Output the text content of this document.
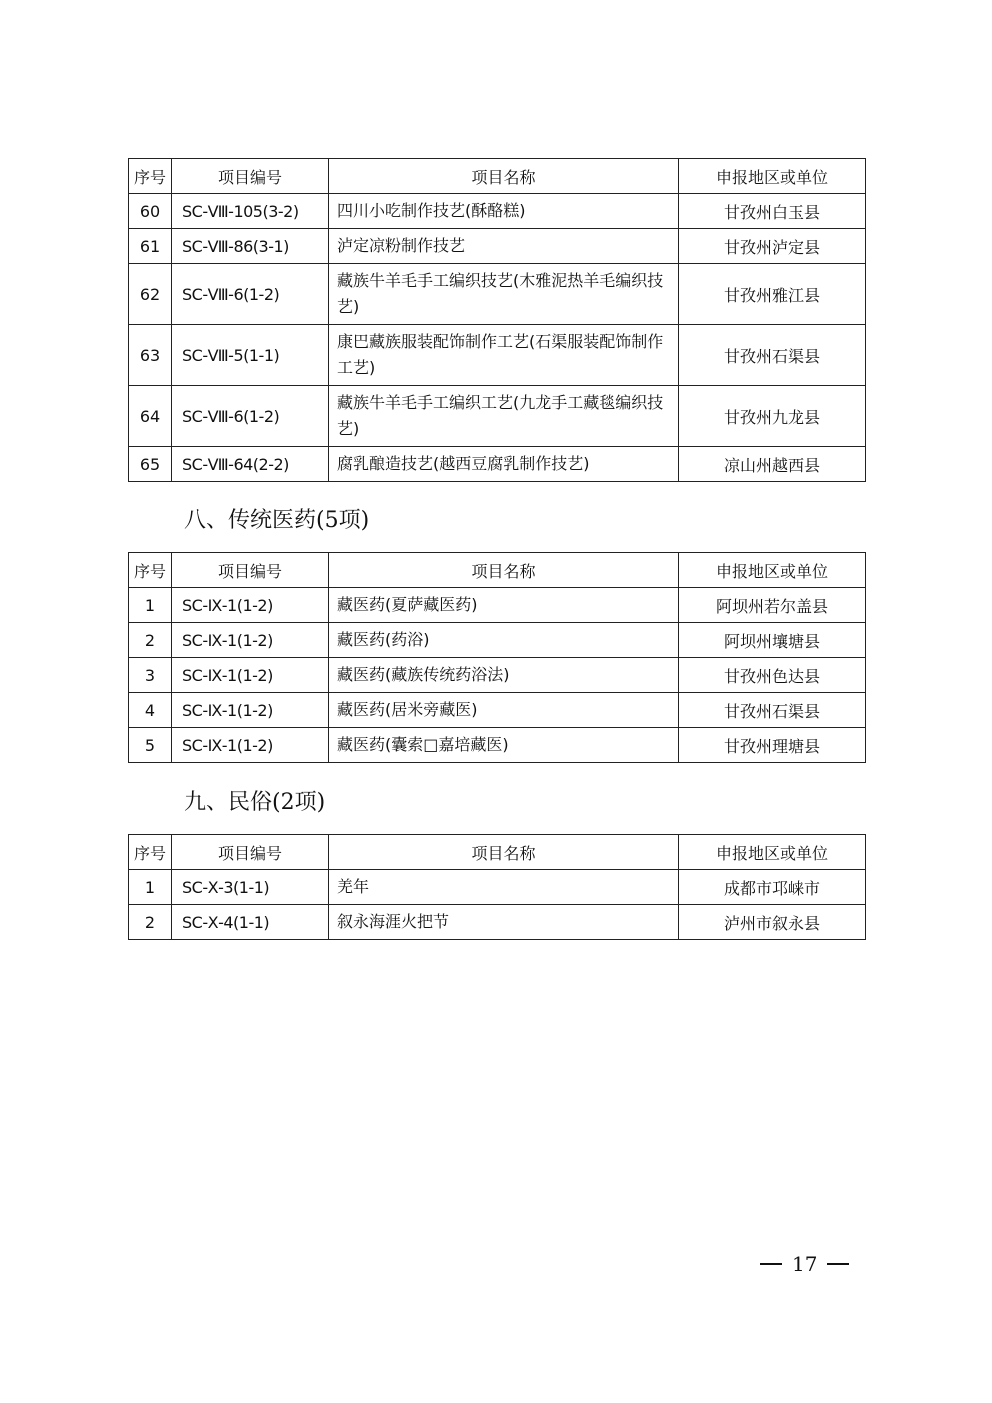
序号	项目编号	项目名称	申报地区或单位
60	SC-Ⅷ-105(3-2)	四川小吃制作技艺(酥酪糕)	甘孜州白玉县
61	SC-Ⅷ-86(3-1)	泸定凉粉制作技艺	甘孜州泸定县
62	SC-Ⅷ-6(1-2)	藏族牛羊毛手工编织技艺(木雅泥热羊毛编织技艺)	甘孜州雅江县
63	SC-Ⅷ-5(1-1)	康巴藏族服装配饰制作工艺(石渠服装配饰制作工艺)	甘孜州石渠县
64	SC-Ⅷ-6(1-2)	藏族牛羊毛手工编织工艺(九龙手工藏毯编织技艺)	甘孜州九龙县
65	SC-Ⅷ-64(2-2)	腐乳酿造技艺(越西豆腐乳制作技艺)	凉山州越西县
八、传统医药(5项)
序号	项目编号	项目名称	申报地区或单位
1	SC-Ⅸ-1(1-2)	藏医药(夏萨藏医药)	阿坝州若尔盖县
2	SC-Ⅸ-1(1-2)	藏医药(药浴)	阿坝州壤塘县
3	SC-Ⅸ-1(1-2)	藏医药(藏族传统药浴法)	甘孜州色达县
4	SC-Ⅸ-1(1-2)	藏医药(居米旁藏医)	甘孜州石渠县
5	SC-Ⅸ-1(1-2)	藏医药(囊索□嘉培藏医)	甘孜州理塘县
九、民俗(2项)
序号	项目编号	项目名称	申报地区或单位
1	SC-Ⅹ-3(1-1)	羌年	成都市邛崃市
2	SC-Ⅹ-4(1-1)	叙永海涯火把节	泸州市叙永县
17
